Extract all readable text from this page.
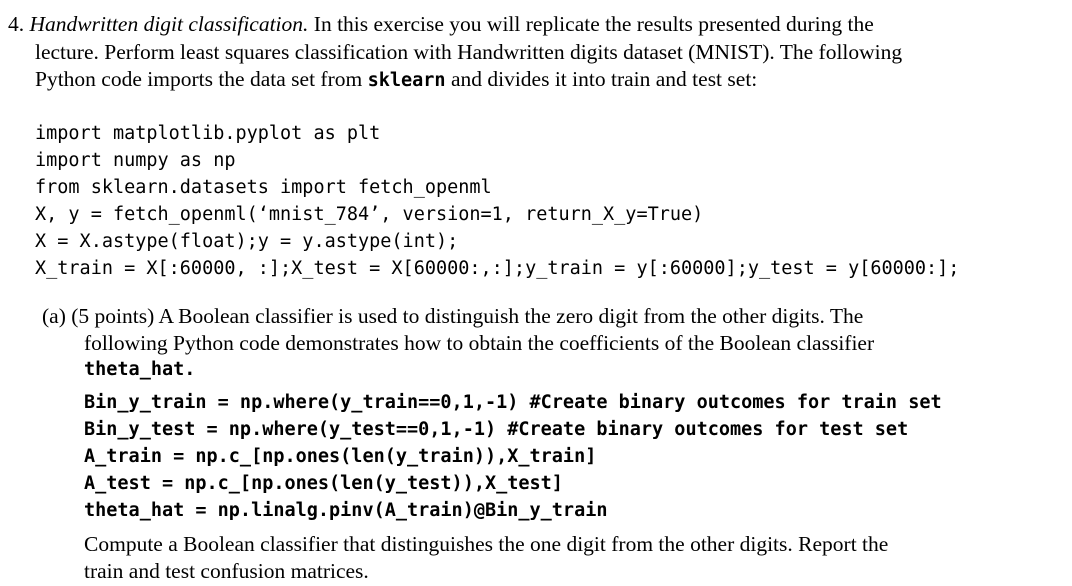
4. Handwritten digit classification. In this exercise you will replicate the results presented during the
lecture. Perform least squares classification with Handwritten digits dataset (MNIST). The following
Python code imports the data set from sklearn and divides it into train and test set:
import matplotlib.pyplot as plt
import numpy as np
from sklearn.datasets import fetch_openml
X, y = fetch_openml(‘mnist_784’, version=1, return_X_y=True)
X = X.astype(float);y = y.astype(int);
X_train = X[:60000, :];X_test = X[60000:,:];y_train = y[:60000];y_test = y[60000:];
(a) (5 points) A Boolean classifier is used to distinguish the zero digit from the other digits. The
following Python code demonstrates how to obtain the coefficients of the Boolean classifier
theta_hat.
Bin_y_train = np.where(y_train==0,1,-1) #Create binary outcomes for train set
Bin_y_test = np.where(y_test==0,1,-1) #Create binary outcomes for test set
A_train = np.c_[np.ones(len(y_train)),X_train]
A_test = np.c_[np.ones(len(y_test)),X_test]
theta_hat = np.linalg.pinv(A_train)@Bin_y_train
Compute a Boolean classifier that distinguishes the one digit from the other digits. Report the
train and test confusion matrices.
